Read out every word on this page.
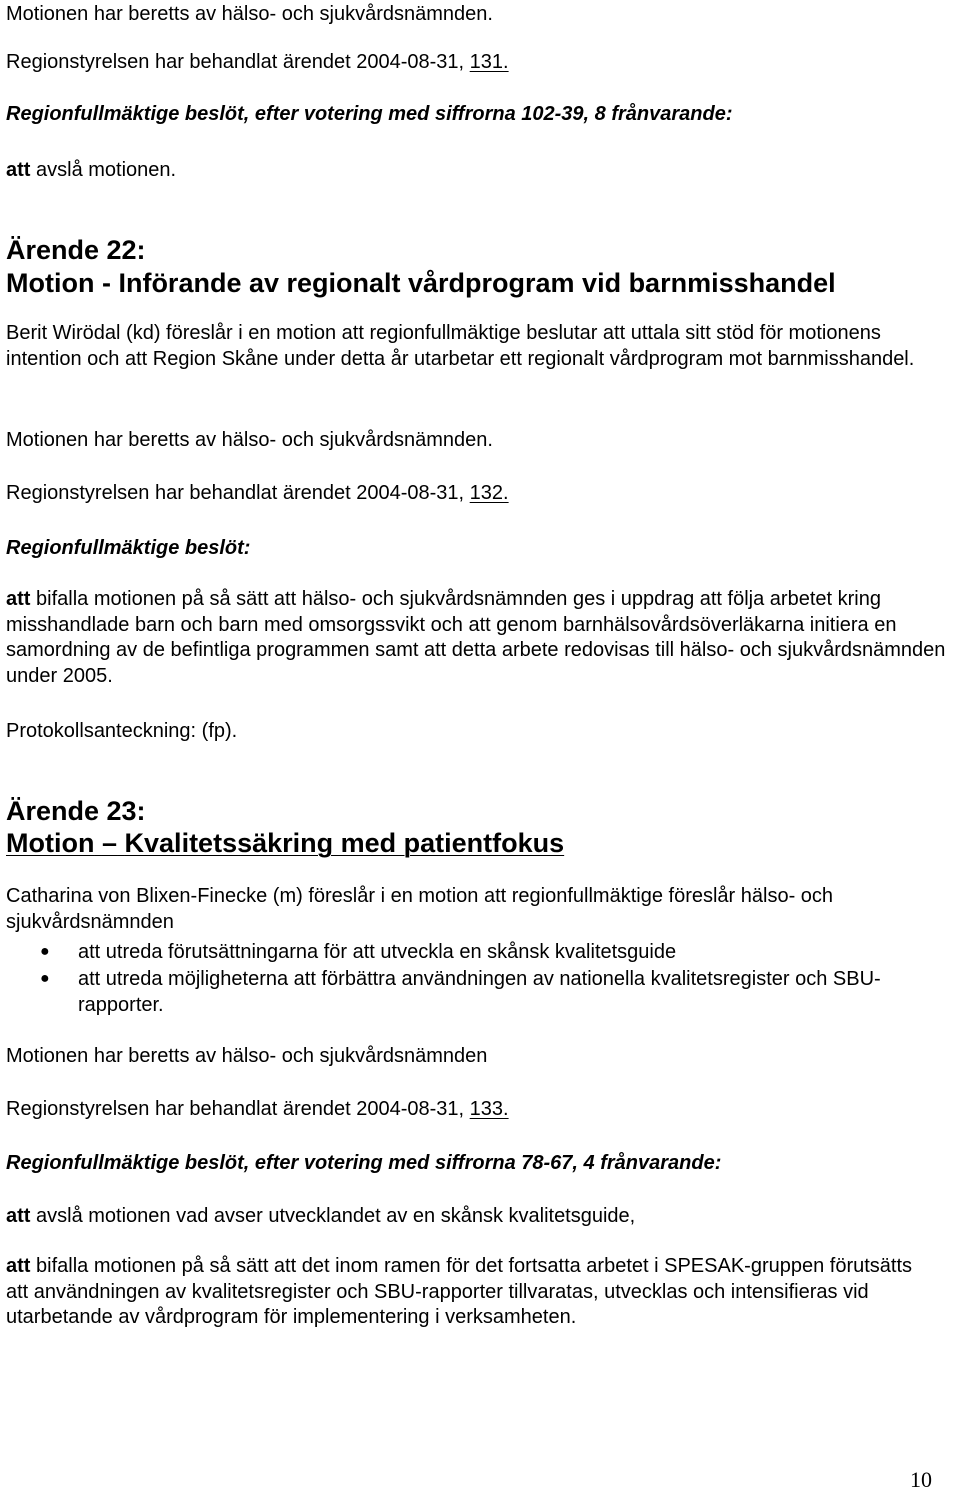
Motionen har beretts av hälso- och sjukvårdsnämnden.

Regionstyrelsen har behandlat ärendet 2004-08-31, 131.

Regionfullmäktige beslöt, efter votering med siffrorna 102-39, 8 frånvarande:

att avslå motionen.

Ärende 22:
Motion - Införande av regionalt vårdprogram vid barnmisshandel

Berit Wirödal (kd) föreslår i en motion att regionfullmäktige beslutar att uttala sitt stöd för motionens intention och att Region Skåne under detta år utarbetar ett regionalt vårdprogram mot barnmisshandel.

Motionen har beretts av hälso- och sjukvårdsnämnden.

Regionstyrelsen har behandlat ärendet 2004-08-31, 132.

Regionfullmäktige beslöt:

att bifalla motionen på så sätt att hälso- och sjukvårdsnämnden ges i uppdrag att följa arbetet kring misshandlade barn och barn med omsorgssvikt och att genom barnhälsovårdsöverläkarna initiera en samordning av de befintliga programmen samt att detta arbete redovisas till hälso- och sjukvårdsnämnden under 2005.

Protokollsanteckning: (fp).

Ärende 23:
Motion – Kvalitetssäkring med patientfokus

Catharina von Blixen-Finecke (m) föreslår i en motion att regionfullmäktige föreslår hälso- och sjukvårdsnämnden

● att utreda förutsättningarna för att utveckla en skånsk kvalitetsguide

● att utreda möjligheterna att förbättra användningen av nationella kvalitetsregister och SBU-rapporter.

Motionen har beretts av hälso- och sjukvårdsnämnden

Regionstyrelsen har behandlat ärendet 2004-08-31, 133.

Regionfullmäktige beslöt, efter votering med siffrorna 78-67, 4 frånvarande:

att avslå motionen vad avser utvecklandet av en skånsk kvalitetsguide,

att bifalla motionen på så sätt att det inom ramen för det fortsatta arbetet i SPESAK-gruppen förutsätts att användningen av kvalitetsregister och SBU-rapporter tillvaratas, utvecklas och intensifieras vid utarbetande av vårdprogram för implementering i verksamheten.

10
